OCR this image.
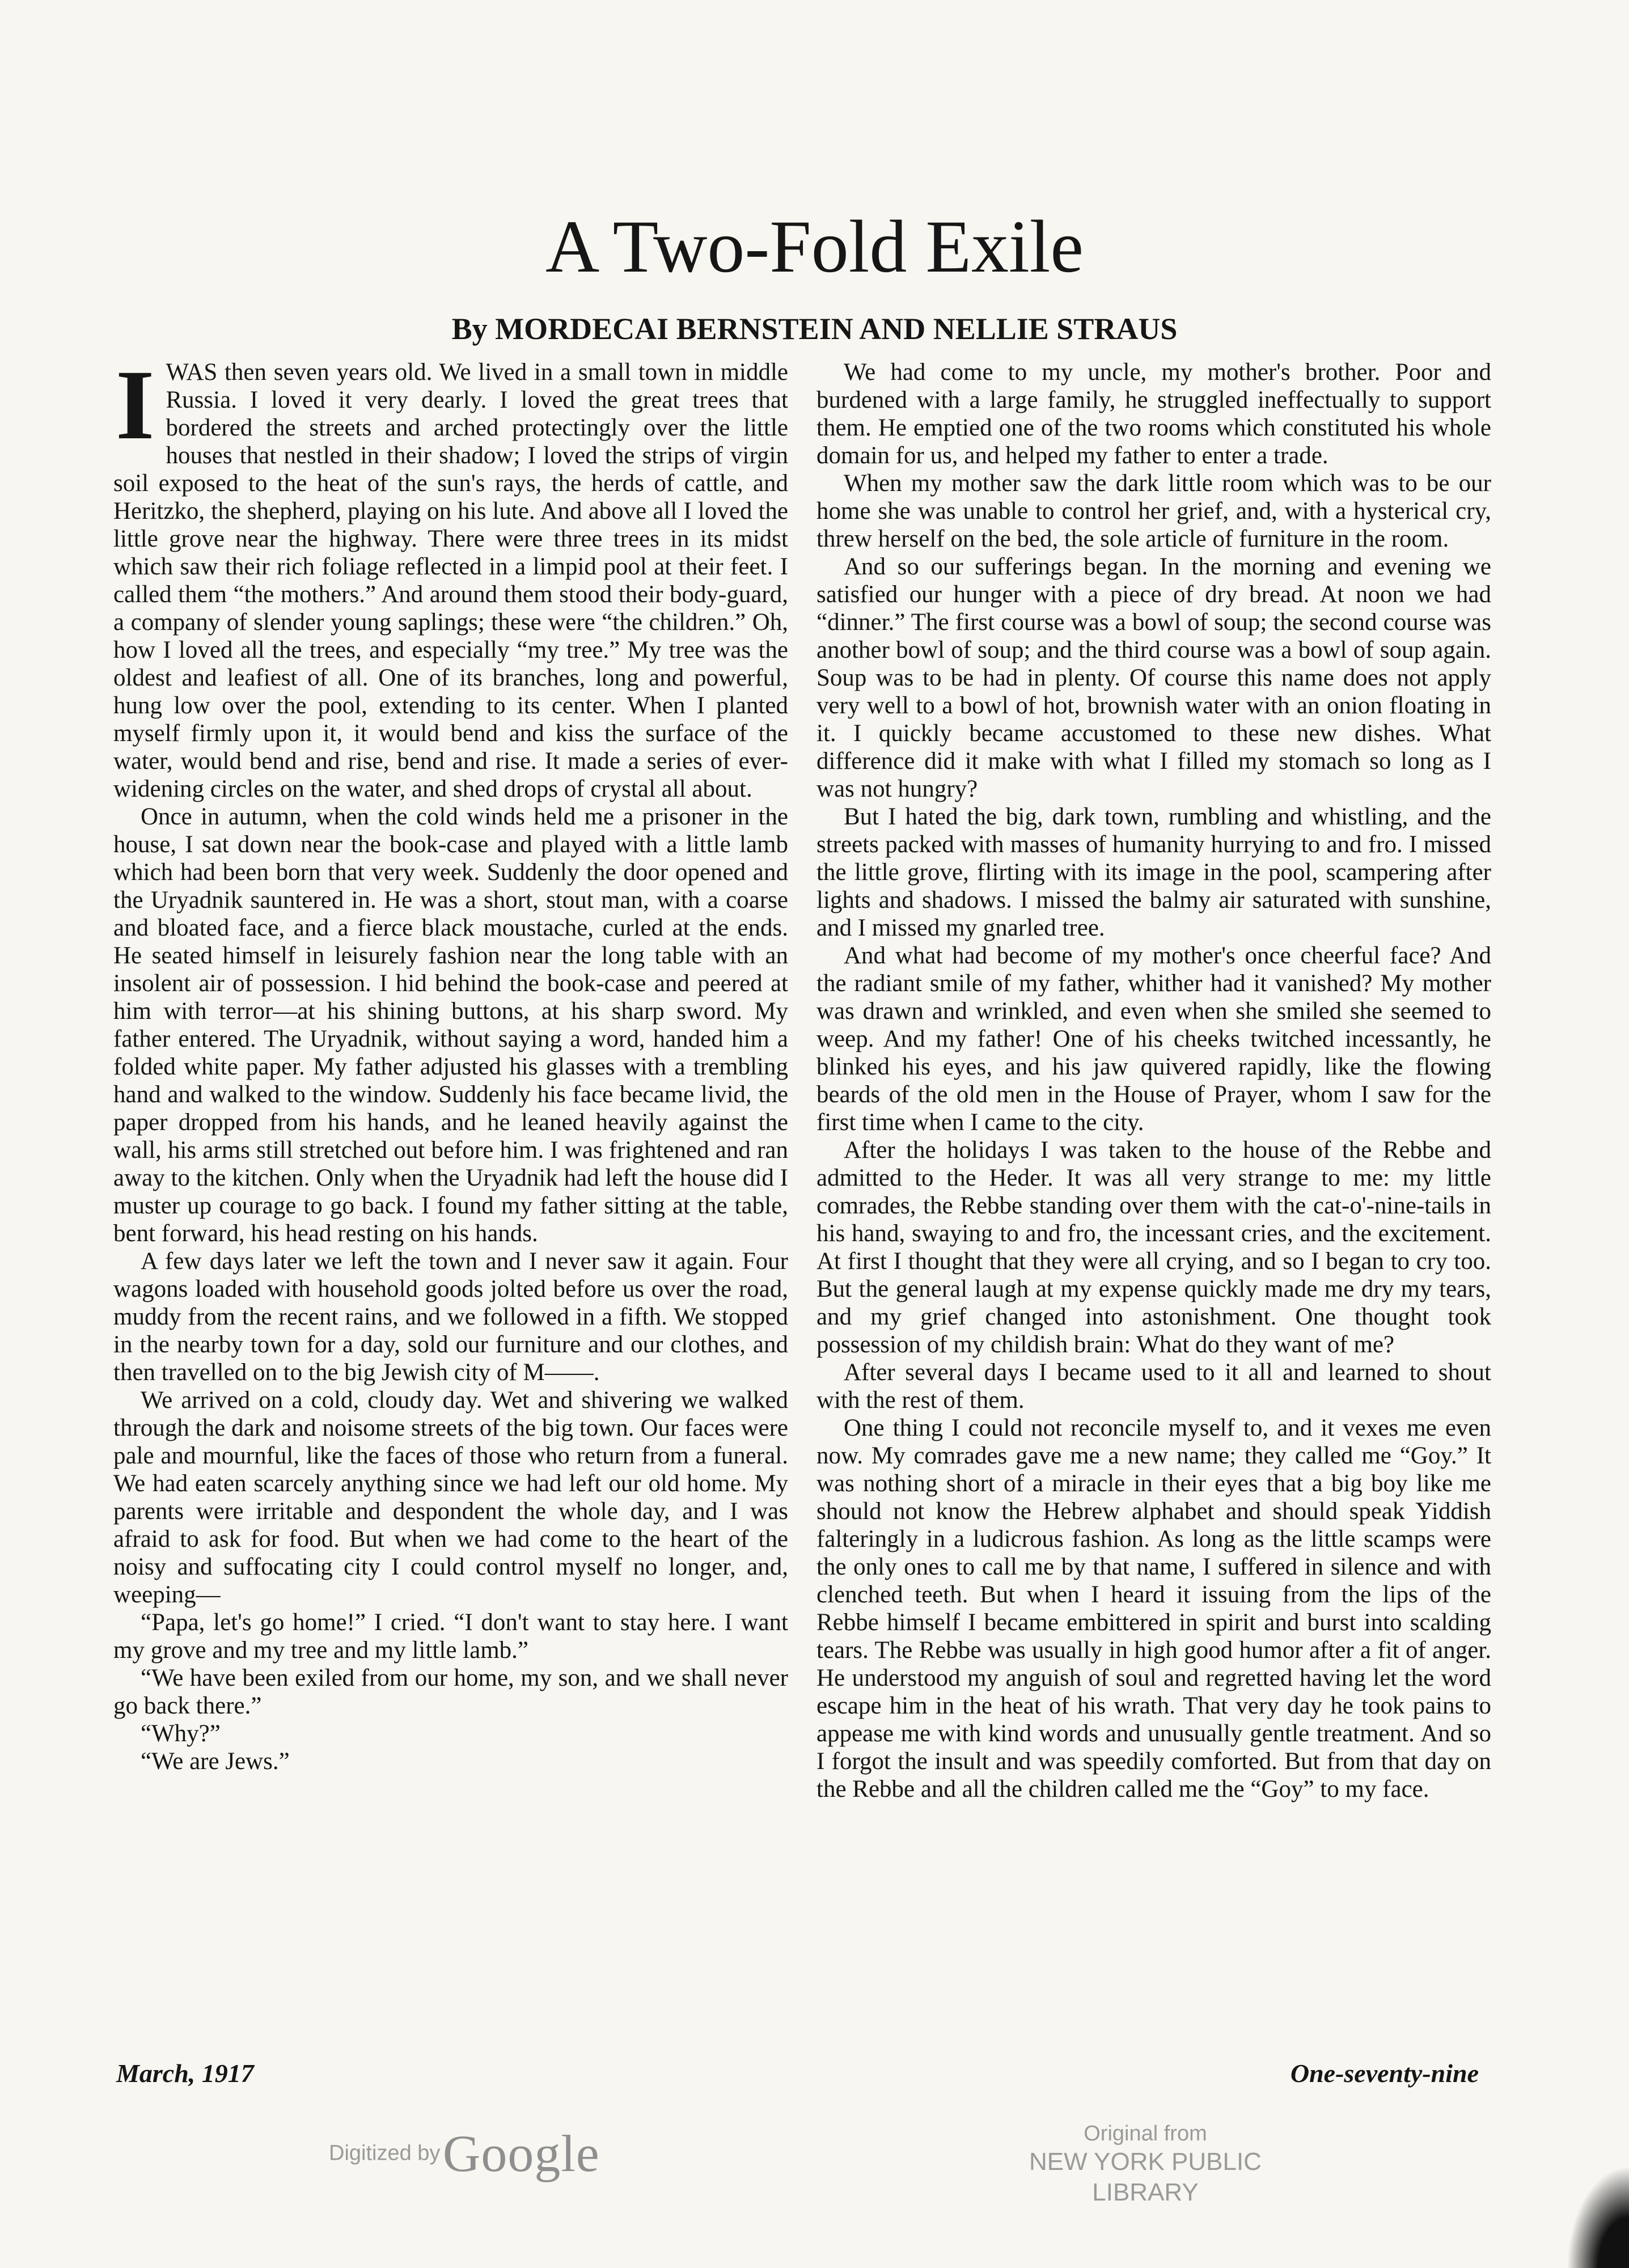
A Two-Fold Exile
By MORDECAI BERNSTEIN AND NELLIE STRAUS
I WAS then seven years old. We lived in a small town in middle Russia. I loved it very dearly. I loved the great trees that bordered the streets and arched protectingly over the little houses that nestled in their shadow; I loved the strips of virgin soil exposed to the heat of the sun's rays, the herds of cattle, and Heritzko, the shepherd, playing on his lute. And above all I loved the little grove near the highway. There were three trees in its midst which saw their rich foliage reflected in a limpid pool at their feet. I called them “the mothers.” And around them stood their body-guard, a company of slender young saplings; these were “the children.” Oh, how I loved all the trees, and especially “my tree.” My tree was the oldest and leafiest of all. One of its branches, long and powerful, hung low over the pool, extending to its center. When I planted myself firmly upon it, it would bend and kiss the surface of the water, would bend and rise, bend and rise. It made a series of ever-widening circles on the water, and shed drops of crystal all about.

Once in autumn, when the cold winds held me a prisoner in the house, I sat down near the book-case and played with a little lamb which had been born that very week. Suddenly the door opened and the Uryadnik sauntered in. He was a short, stout man, with a coarse and bloated face, and a fierce black moustache, curled at the ends. He seated himself in leisurely fashion near the long table with an insolent air of possession. I hid behind the book-case and peered at him with terror—at his shining buttons, at his sharp sword. My father entered. The Uryadnik, without saying a word, handed him a folded white paper. My father adjusted his glasses with a trembling hand and walked to the window. Suddenly his face became livid, the paper dropped from his hands, and he leaned heavily against the wall, his arms still stretched out before him. I was frightened and ran away to the kitchen. Only when the Uryadnik had left the house did I muster up courage to go back. I found my father sitting at the table, bent forward, his head resting on his hands.

A few days later we left the town and I never saw it again. Four wagons loaded with household goods jolted before us over the road, muddy from the recent rains, and we followed in a fifth. We stopped in the nearby town for a day, sold our furniture and our clothes, and then travelled on to the big Jewish city of M——.

We arrived on a cold, cloudy day. Wet and shivering we walked through the dark and noisome streets of the big town. Our faces were pale and mournful, like the faces of those who return from a funeral. We had eaten scarcely anything since we had left our old home. My parents were irritable and despondent the whole day, and I was afraid to ask for food. But when we had come to the heart of the noisy and suffocating city I could control myself no longer, and, weeping—

“Papa, let's go home!” I cried. “I don't want to stay here. I want my grove and my tree and my little lamb.”

“We have been exiled from our home, my son, and we shall never go back there.”

“Why?”

“We are Jews.”

We had come to my uncle, my mother's brother. Poor and burdened with a large family, he struggled ineffectually to support them. He emptied one of the two rooms which constituted his whole domain for us, and helped my father to enter a trade.

When my mother saw the dark little room which was to be our home she was unable to control her grief, and, with a hysterical cry, threw herself on the bed, the sole article of furniture in the room.

And so our sufferings began. In the morning and evening we satisfied our hunger with a piece of dry bread. At noon we had “dinner.” The first course was a bowl of soup; the second course was another bowl of soup; and the third course was a bowl of soup again. Soup was to be had in plenty. Of course this name does not apply very well to a bowl of hot, brownish water with an onion floating in it. I quickly became accustomed to these new dishes. What difference did it make with what I filled my stomach so long as I was not hungry?

But I hated the big, dark town, rumbling and whistling, and the streets packed with masses of humanity hurrying to and fro. I missed the little grove, flirting with its image in the pool, scampering after lights and shadows. I missed the balmy air saturated with sunshine, and I missed my gnarled tree.

And what had become of my mother's once cheerful face? And the radiant smile of my father, whither had it vanished? My mother was drawn and wrinkled, and even when she smiled she seemed to weep. And my father! One of his cheeks twitched incessantly, he blinked his eyes, and his jaw quivered rapidly, like the flowing beards of the old men in the House of Prayer, whom I saw for the first time when I came to the city.

After the holidays I was taken to the house of the Rebbe and admitted to the Heder. It was all very strange to me: my little comrades, the Rebbe standing over them with the cat-o'-nine-tails in his hand, swaying to and fro, the incessant cries, and the excitement. At first I thought that they were all crying, and so I began to cry too. But the general laugh at my expense quickly made me dry my tears, and my grief changed into astonishment. One thought took possession of my childish brain: What do they want of me?

After several days I became used to it all and learned to shout with the rest of them.

One thing I could not reconcile myself to, and it vexes me even now. My comrades gave me a new name; they called me “Goy.” It was nothing short of a miracle in their eyes that a big boy like me should not know the Hebrew alphabet and should speak Yiddish falteringly in a ludicrous fashion. As long as the little scamps were the only ones to call me by that name, I suffered in silence and with clenched teeth. But when I heard it issuing from the lips of the Rebbe himself I became embittered in spirit and burst into scalding tears. The Rebbe was usually in high good humor after a fit of anger. He understood my anguish of soul and regretted having let the word escape him in the heat of his wrath. That very day he took pains to appease me with kind words and unusually gentle treatment. And so I forgot the insult and was speedily comforted. But from that day on the Rebbe and all the children called me the “Goy” to my face.

March, 1917	One-seventy-nine
Digitized by Google	Original from
NEW YORK PUBLIC LIBRARY
